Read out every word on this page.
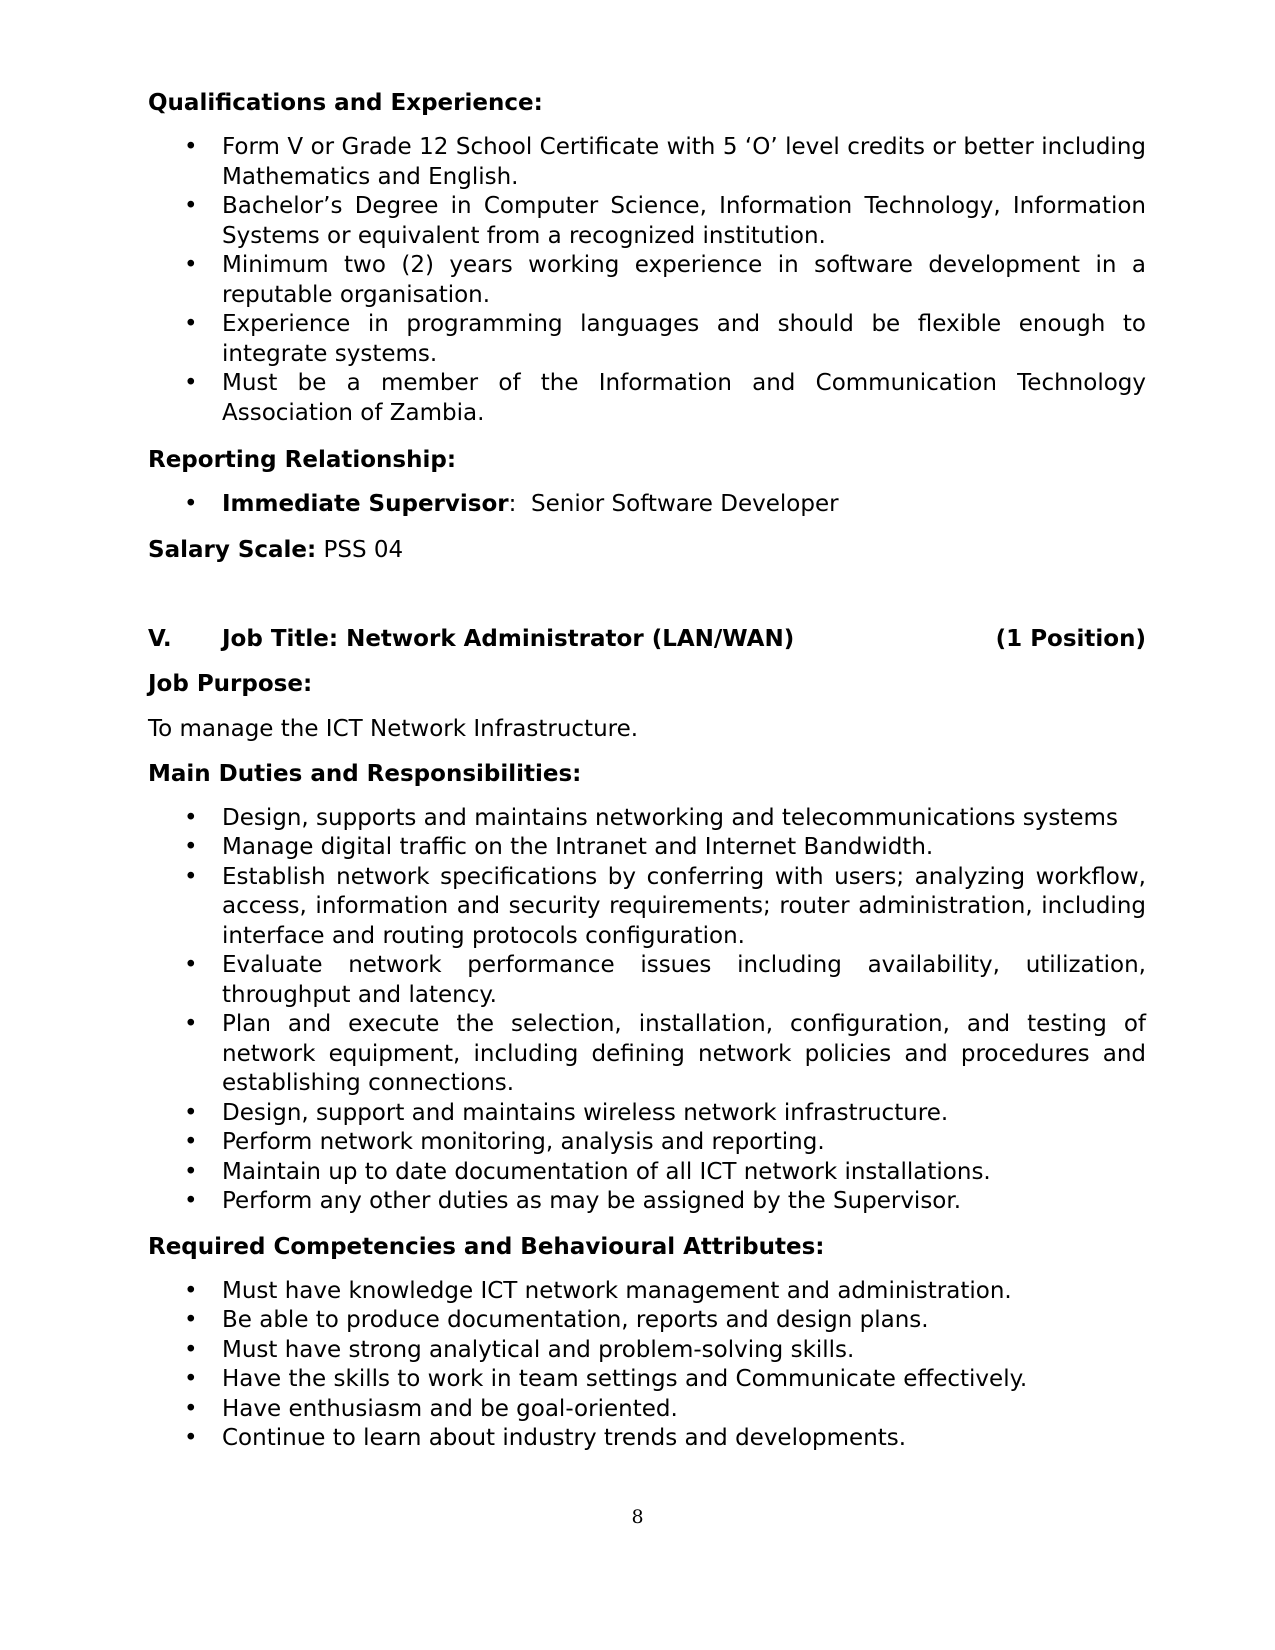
Qualifications and Experience:

• Form V or Grade 12 School Certificate with 5 ‘O’ level credits or better including Mathematics and English.
• Bachelor’s Degree in Computer Science, Information Technology, Information Systems or equivalent from a recognized institution.
• Minimum two (2) years working experience in software development in a reputable organisation.
• Experience in programming languages and should be flexible enough to integrate systems.
• Must be a member of the Information and Communication Technology Association of Zambia.

Reporting Relationship:

• Immediate Supervisor: Senior Software Developer

Salary Scale: PSS 04

V.	Job Title: Network Administrator (LAN/WAN)	(1 Position)

Job Purpose:

To manage the ICT Network Infrastructure.

Main Duties and Responsibilities:

• Design, supports and maintains networking and telecommunications systems
• Manage digital traffic on the Intranet and Internet Bandwidth.
• Establish network specifications by conferring with users; analyzing workflow, access, information and security requirements; router administration, including interface and routing protocols configuration.
• Evaluate network performance issues including availability, utilization, throughput and latency.
• Plan and execute the selection, installation, configuration, and testing of network equipment, including defining network policies and procedures and establishing connections.
• Design, support and maintains wireless network infrastructure.
• Perform network monitoring, analysis and reporting.
• Maintain up to date documentation of all ICT network installations.
• Perform any other duties as may be assigned by the Supervisor.

Required Competencies and Behavioural Attributes:

• Must have knowledge ICT network management and administration.
• Be able to produce documentation, reports and design plans.
• Must have strong analytical and problem-solving skills.
• Have the skills to work in team settings and Communicate effectively.
• Have enthusiasm and be goal-oriented.
• Continue to learn about industry trends and developments.
8
